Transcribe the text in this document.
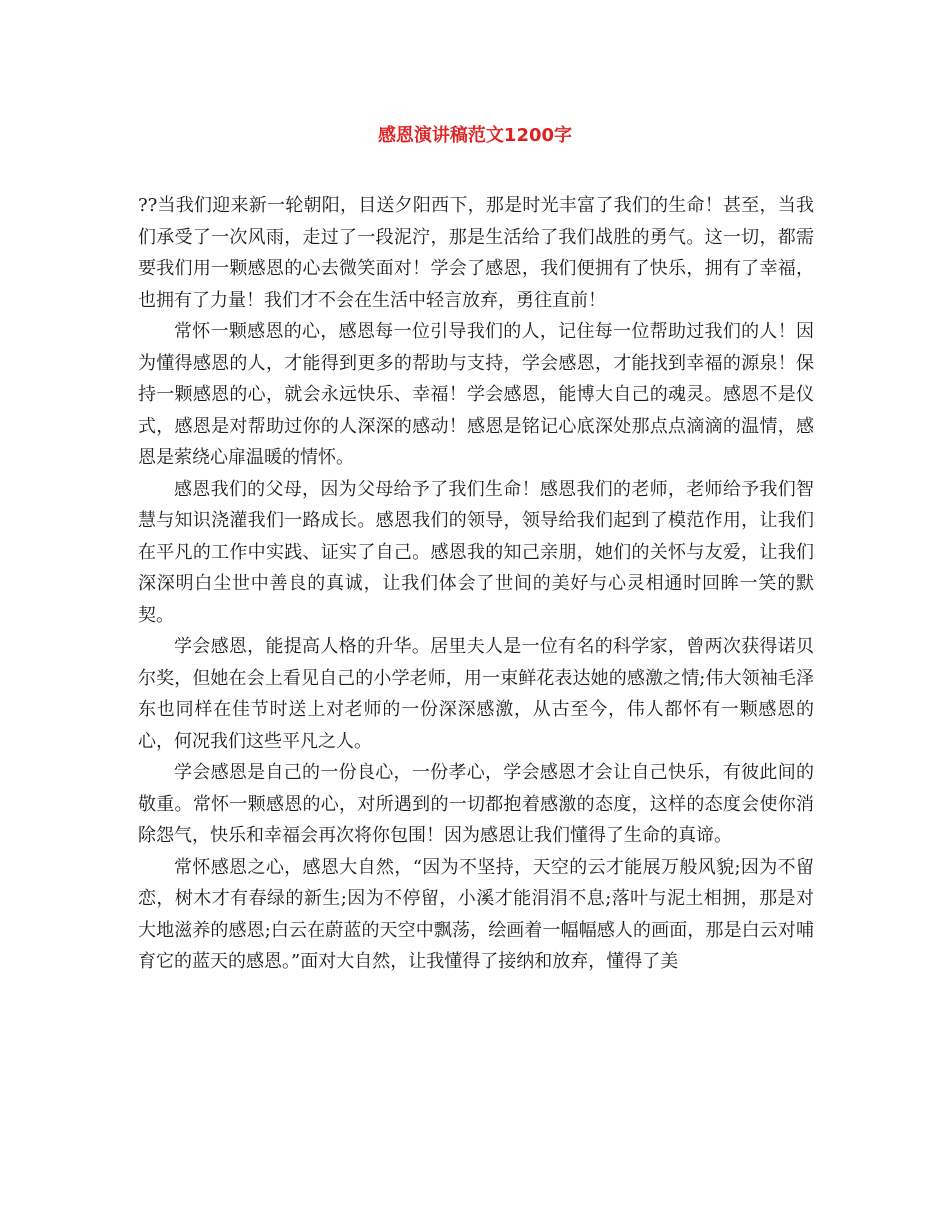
感恩演讲稿范文1200字

??当我们迎来新一轮朝阳，目送夕阳西下，那是时光丰富了我们的生命！甚至，当我们承受了一次风雨，走过了一段泥泞，那是生活给了我们战胜的勇气。这一切，都需要我们用一颗感恩的心去微笑面对！学会了感恩，我们便拥有了快乐，拥有了幸福，也拥有了力量！我们才不会在生活中轻言放弃，勇往直前！

常怀一颗感恩的心，感恩每一位引导我们的人，记住每一位帮助过我们的人！因为懂得感恩的人，才能得到更多的帮助与支持，学会感恩，才能找到幸福的源泉！保持一颗感恩的心，就会永远快乐、幸福！学会感恩，能博大自己的魂灵。感恩不是仪式，感恩是对帮助过你的人深深的感动！感恩是铭记心底深处那点点滴滴的温情，感恩是萦绕心扉温暖的情怀。

感恩我们的父母，因为父母给予了我们生命！感恩我们的老师，老师给予我们智慧与知识浇灌我们一路成长。感恩我们的领导，领导给我们起到了模范作用，让我们在平凡的工作中实践、证实了自己。感恩我的知己亲朋，她们的关怀与友爱，让我们深深明白尘世中善良的真诚，让我们体会了世间的美好与心灵相通时回眸一笑的默契。

学会感恩，能提高人格的升华。居里夫人是一位有名的科学家，曾两次获得诺贝尔奖，但她在会上看见自己的小学老师，用一束鲜花表达她的感激之情;伟大领袖毛泽东也同样在佳节时送上对老师的一份深深感激，从古至今，伟人都怀有一颗感恩的心，何况我们这些平凡之人。

学会感恩是自己的一份良心，一份孝心，学会感恩才会让自己快乐，有彼此间的敬重。常怀一颗感恩的心，对所遇到的一切都抱着感激的态度，这样的态度会使你消除怨气，快乐和幸福会再次将你包围！因为感恩让我们懂得了生命的真谛。

常怀感恩之心，感恩大自然，“因为不坚持，天空的云才能展万般风貌;因为不留恋，树木才有春绿的新生;因为不停留，小溪才能涓涓不息;落叶与泥土相拥，那是对大地滋养的感恩;白云在蔚蓝的天空中飘荡，绘画着一幅幅感人的画面，那是白云对哺育它的蓝天的感恩。”面对大自然，让我懂得了接纳和放弃，懂得了美
